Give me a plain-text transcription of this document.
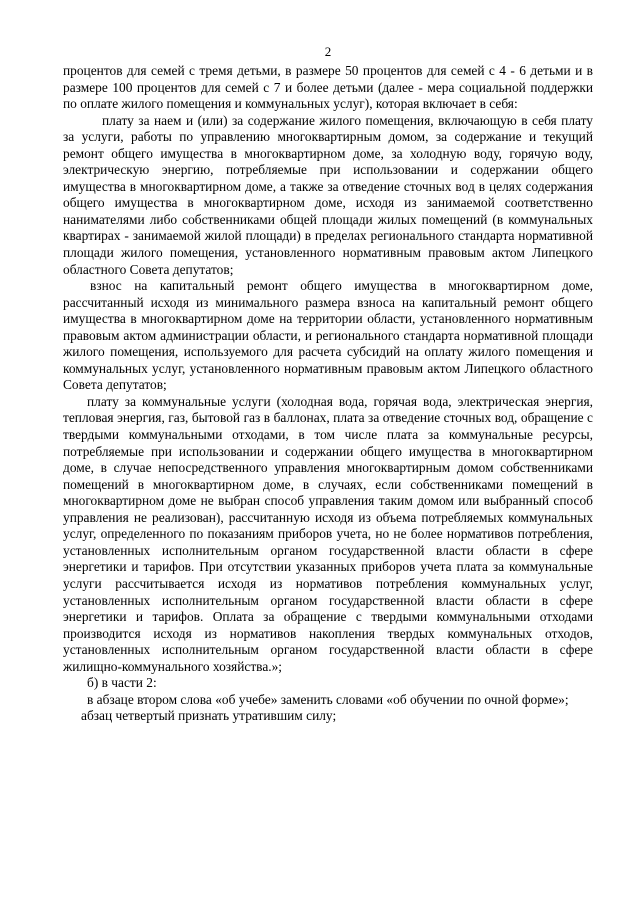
2

процентов для семей с тремя детьми, в размере 50 процентов для семей с 4 - 6 детьми и в размере 100 процентов для семей с 7 и более детьми (далее - мера социальной поддержки по оплате жилого помещения и коммунальных услуг), которая включает в себя:

плату за наем и (или) за содержание жилого помещения, включающую в себя плату за услуги, работы по управлению многоквартирным домом, за содержание и текущий ремонт общего имущества в многоквартирном доме, за холодную воду, горячую воду, электрическую энергию, потребляемые при использовании и содержании общего имущества в многоквартирном доме, а также за отведение сточных вод в целях содержания общего имущества в многоквартирном доме, исходя из занимаемой соответственно нанимателями либо собственниками общей площади жилых помещений (в коммунальных квартирах - занимаемой жилой площади) в пределах регионального стандарта нормативной площади жилого помещения, установленного нормативным правовым актом Липецкого областного Совета депутатов;

взнос на капитальный ремонт общего имущества в многоквартирном доме, рассчитанный исходя из минимального размера взноса на капитальный ремонт общего имущества в многоквартирном доме на территории области, установленного нормативным правовым актом администрации области, и регионального стандарта нормативной площади жилого помещения, используемого для расчета субсидий на оплату жилого помещения и коммунальных услуг, установленного нормативным правовым актом Липецкого областного Совета депутатов;

плату за коммунальные услуги (холодная вода, горячая вода, электрическая энергия, тепловая энергия, газ, бытовой газ в баллонах, плата за отведение сточных вод, обращение с твердыми коммунальными отходами, в том числе плата за коммунальные ресурсы, потребляемые при использовании и содержании общего имущества в многоквартирном доме, в случае непосредственного управления многоквартирным домом собственниками помещений в многоквартирном доме, в случаях, если собственниками помещений в многоквартирном доме не выбран способ управления таким домом или выбранный способ управления не реализован), рассчитанную исходя из объема потребляемых коммунальных услуг, определенного по показаниям приборов учета, но не более нормативов потребления, установленных исполнительным органом государственной власти области в сфере энергетики и тарифов. При отсутствии указанных приборов учета плата за коммунальные услуги рассчитывается исходя из нормативов потребления коммунальных услуг, установленных исполнительным органом государственной власти области в сфере энергетики и тарифов. Оплата за обращение с твердыми коммунальными отходами производится исходя из нормативов накопления твердых коммунальных отходов, установленных исполнительным органом государственной власти области в сфере жилищно-коммунального хозяйства.»;

б) в части 2:

в абзаце втором слова «об учебе» заменить словами «об обучении по очной форме»;

абзац четвертый признать утратившим силу;
